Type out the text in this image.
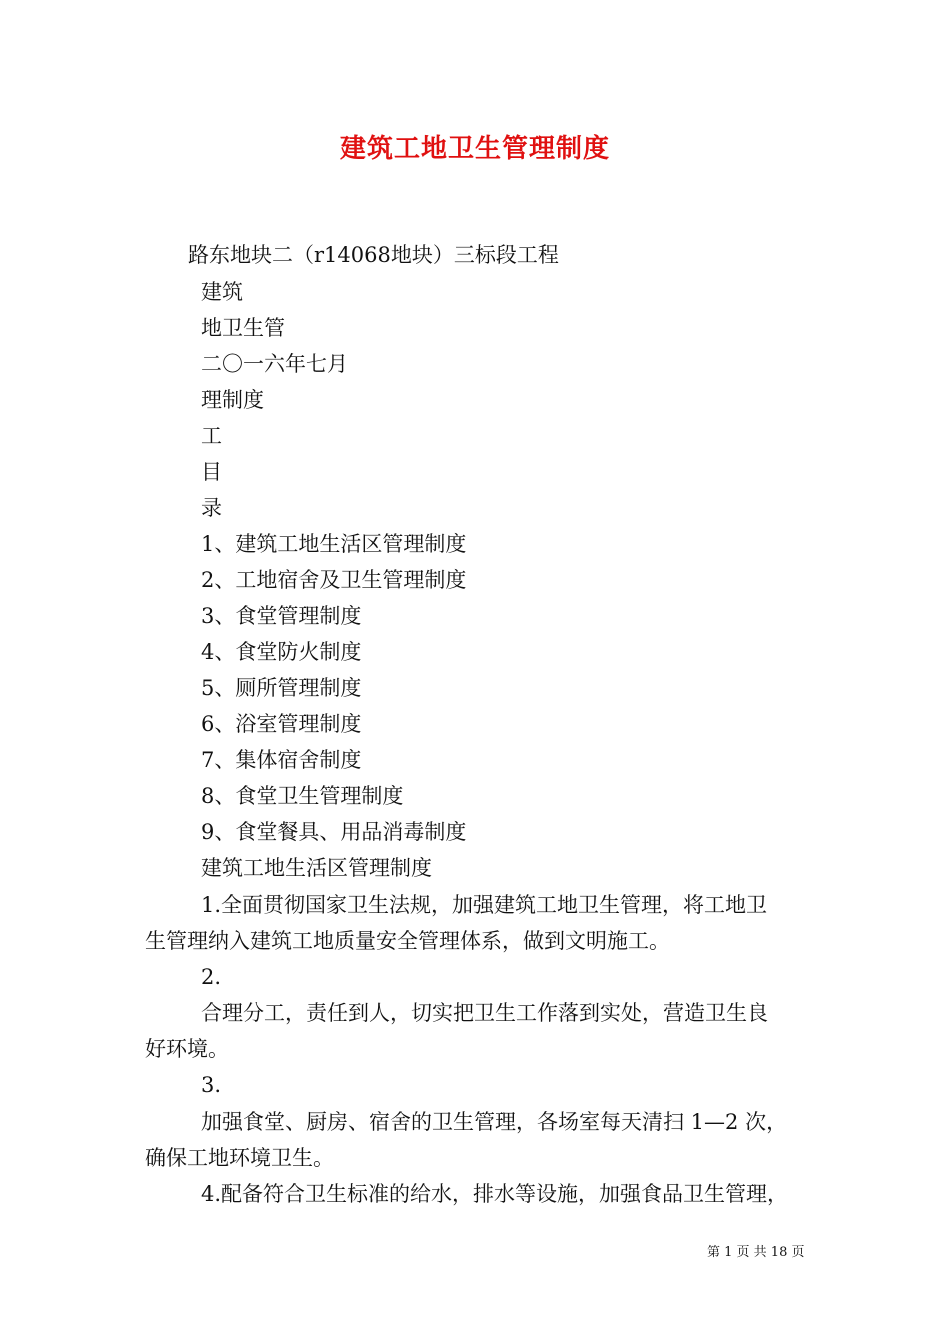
建筑工地卫生管理制度
路东地块二（r14068地块）三标段工程
建筑
地卫生管
二〇一六年七月
理制度
工
目
录
1、建筑工地生活区管理制度
2、工地宿舍及卫生管理制度
3、食堂管理制度
4、食堂防火制度
5、厕所管理制度
6、浴室管理制度
7、集体宿舍制度
8、食堂卫生管理制度
9、食堂餐具、用品消毒制度
建筑工地生活区管理制度
1.全面贯彻国家卫生法规，加强建筑工地卫生管理，将工地卫
生管理纳入建筑工地质量安全管理体系，做到文明施工。
2.
合理分工，责任到人，切实把卫生工作落到实处，营造卫生良
好环境。
3.
加强食堂、厨房、宿舍的卫生管理，各场室每天清扫 1—2 次，
确保工地环境卫生。
4.配备符合卫生标准的给水，排水等设施，加强食品卫生管理，
第 1 页 共 18 页
